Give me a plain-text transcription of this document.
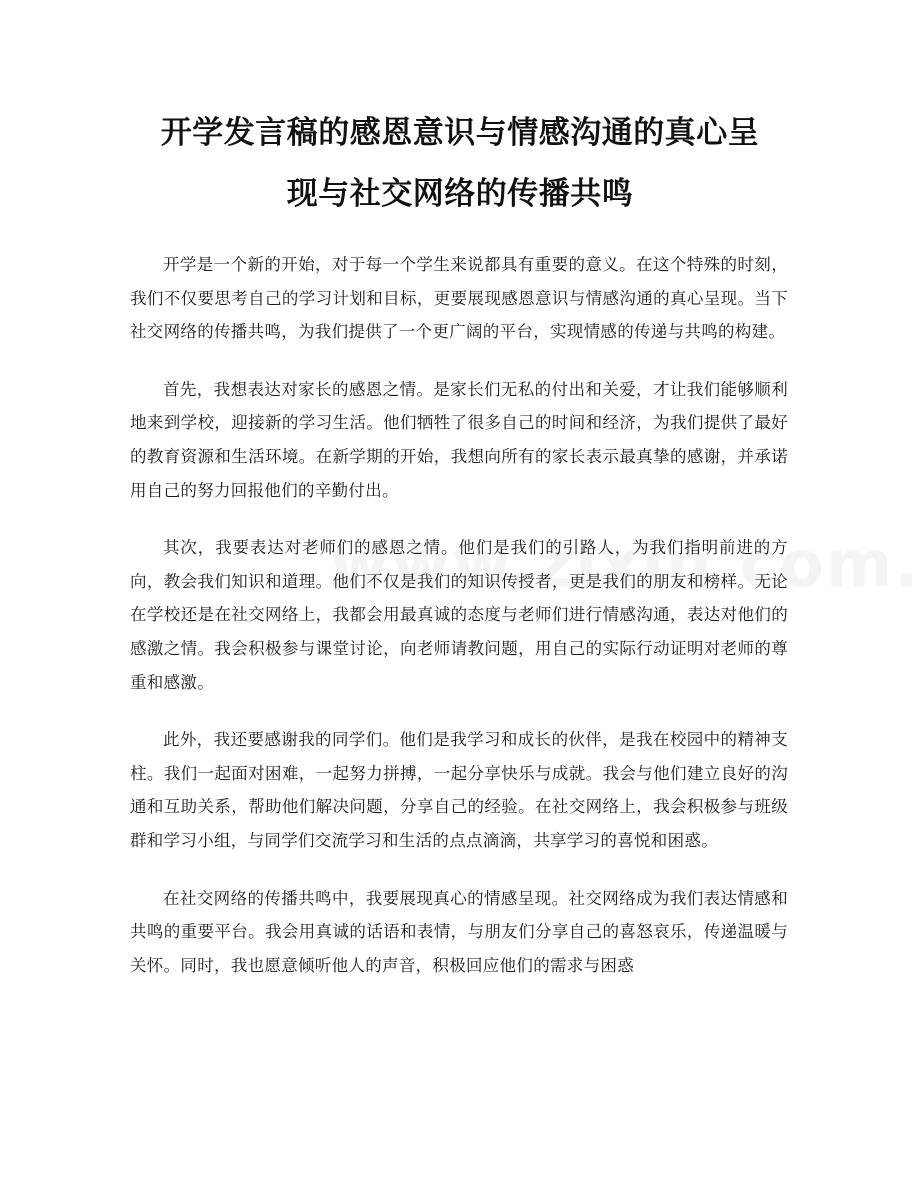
开学发言稿的感恩意识与情感沟通的真心呈
现与社交网络的传播共鸣

开学是一个新的开始，对于每一个学生来说都具有重要的意义。在这个特殊的时刻，我们不仅要思考自己的学习计划和目标，更要展现感恩意识与情感沟通的真心呈现。当下社交网络的传播共鸣，为我们提供了一个更广阔的平台，实现情感的传递与共鸣的构建。

首先，我想表达对家长的感恩之情。是家长们无私的付出和关爱，才让我们能够顺利地来到学校，迎接新的学习生活。他们牺牲了很多自己的时间和经济，为我们提供了最好的教育资源和生活环境。在新学期的开始，我想向所有的家长表示最真挚的感谢，并承诺用自己的努力回报他们的辛勤付出。

其次，我要表达对老师们的感恩之情。他们是我们的引路人，为我们指明前进的方向，教会我们知识和道理。他们不仅是我们的知识传授者，更是我们的朋友和榜样。无论在学校还是在社交网络上，我都会用最真诚的态度与老师们进行情感沟通，表达对他们的感激之情。我会积极参与课堂讨论，向老师请教问题，用自己的实际行动证明对老师的尊重和感激。

此外，我还要感谢我的同学们。他们是我学习和成长的伙伴，是我在校园中的精神支柱。我们一起面对困难，一起努力拼搏，一起分享快乐与成就。我会与他们建立良好的沟通和互助关系，帮助他们解决问题，分享自己的经验。在社交网络上，我会积极参与班级群和学习小组，与同学们交流学习和生活的点点滴滴，共享学习的喜悦和困惑。

在社交网络的传播共鸣中，我要展现真心的情感呈现。社交网络成为我们表达情感和共鸣的重要平台。我会用真诚的话语和表情，与朋友们分享自己的喜怒哀乐，传递温暖与关怀。同时，我也愿意倾听他人的声音，积极回应他们的需求与困惑
